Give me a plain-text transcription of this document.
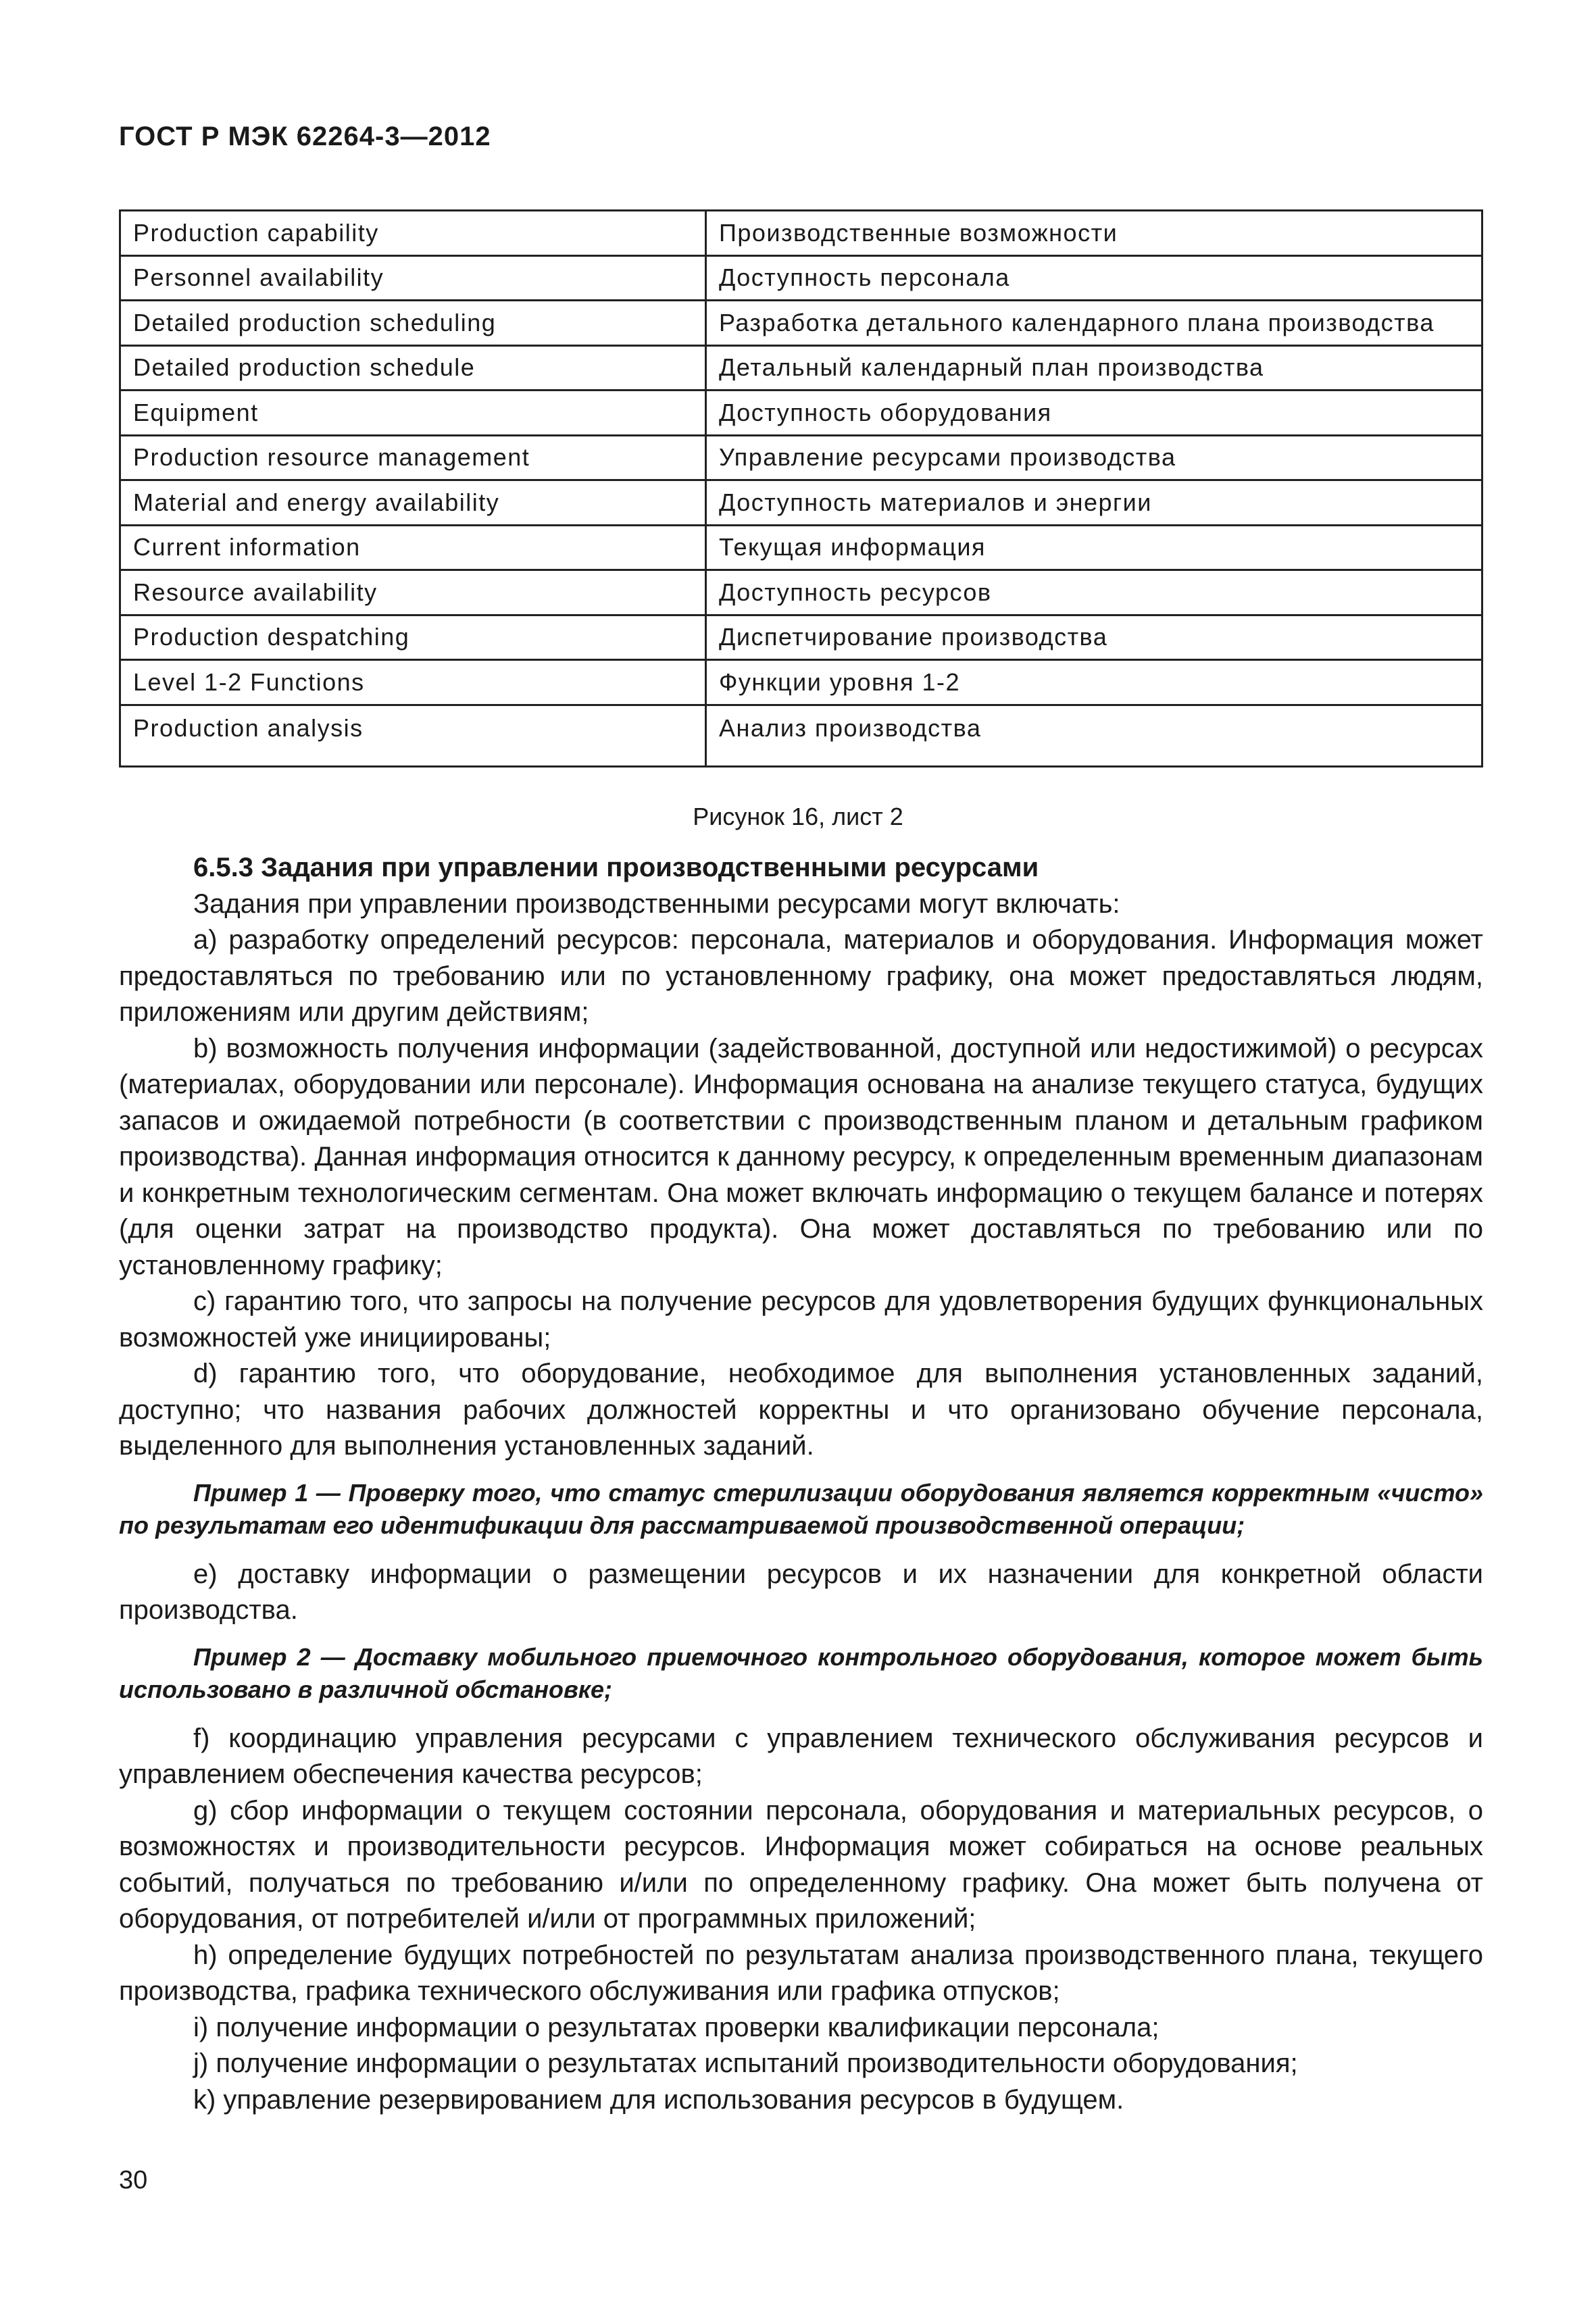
ГОСТ Р МЭК 62264-3—2012
Production capability	Производственные возможности
Personnel availability	Доступность персонала
Detailed production scheduling	Разработка детального календарного плана производства
Detailed production schedule	Детальный календарный план производства
Equipment	Доступность оборудования
Production resource management	Управление ресурсами производства
Material and energy availability	Доступность материалов и энергии
Current information	Текущая информация
Resource availability	Доступность ресурсов
Production despatching	Диспетчирование производства
Level 1-2 Functions	Функции уровня 1-2
Production analysis	Анализ производства

Рисунок 16, лист 2

6.5.3 Задания при управлении производственными ресурсами

Задания при управлении производственными ресурсами могут включать:

а) разработку определений ресурсов: персонала, материалов и оборудования. Информация может предоставляться по требованию или по установленному графику, она может предоставляться людям, приложениям или другим действиям;

b) возможность получения информации (задействованной, доступной или недостижимой) о ресурсах (материалах, оборудовании или персонале). Информация основана на анализе текущего статуса, будущих запасов и ожидаемой потребности (в соответствии с производственным планом и детальным графиком производства). Данная информация относится к данному ресурсу, к определенным временным диапазонам и конкретным технологическим сегментам. Она может включать информацию о текущем балансе и потерях (для оценки затрат на производство продукта). Она может доставляться по требованию или по установленному графику;

с) гарантию того, что запросы на получение ресурсов для удовлетворения будущих функциональных возможностей уже инициированы;

d) гарантию того, что оборудование, необходимое для выполнения установленных заданий, доступно; что названия рабочих должностей корректны и что организовано обучение персонала, выделенного для выполнения установленных заданий.

Пример 1 — Проверку того, что статус стерилизации оборудования является корректным «чисто» по результатам его идентификации для рассматриваемой производственной операции;

е) доставку информации о размещении ресурсов и их назначении для конкретной области производства.

Пример 2 — Доставку мобильного приемочного контрольного оборудования, которое может быть использовано в различной обстановке;

f) координацию управления ресурсами с управлением технического обслуживания ресурсов и управлением обеспечения качества ресурсов;

g) сбор информации о текущем состоянии персонала, оборудования и материальных ресурсов, о возможностях и производительности ресурсов. Информация может собираться на основе реальных событий, получаться по требованию и/или по определенному графику. Она может быть получена от оборудования, от потребителей и/или от программных приложений;

h) определение будущих потребностей по результатам анализа производственного плана, текущего производства, графика технического обслуживания или графика отпусков;

i) получение информации о результатах проверки квалификации персонала;

j) получение информации о результатах испытаний производительности оборудования;

k) управление резервированием для использования ресурсов в будущем.

30
